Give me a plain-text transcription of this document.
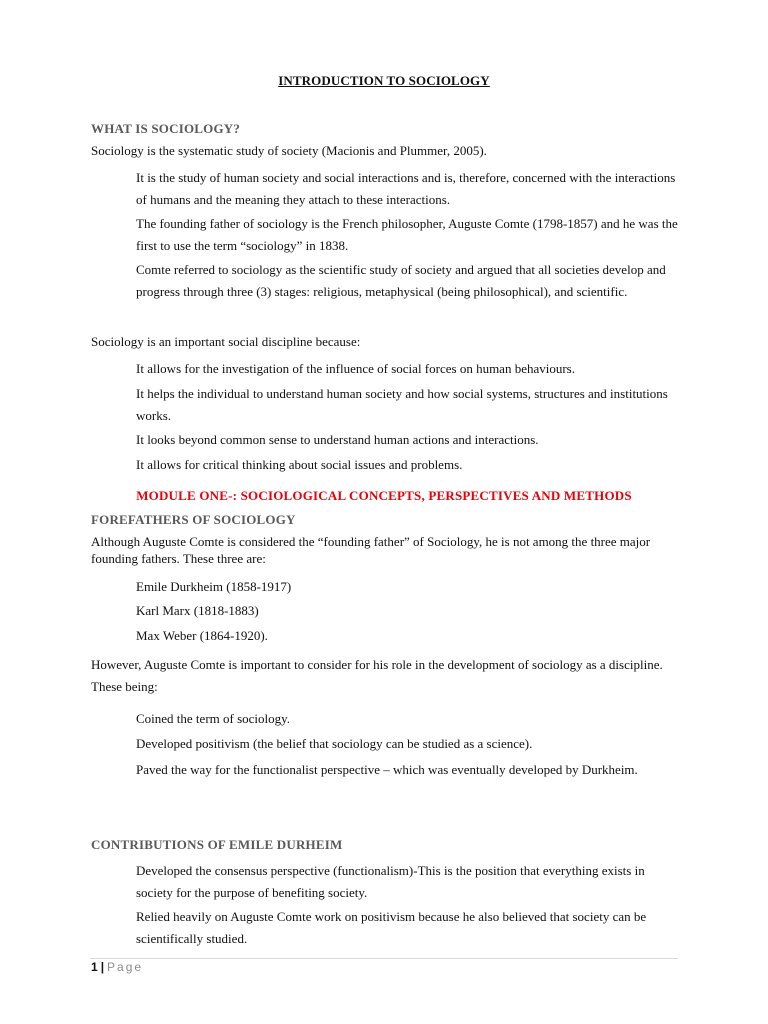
INTRODUCTION TO SOCIOLOGY
WHAT IS SOCIOLOGY?
Sociology is the systematic study of society (Macionis and Plummer, 2005).
It is the study of human society and social interactions and is, therefore, concerned with the interactions of humans and the meaning they attach to these interactions.
The founding father of sociology is the French philosopher, Auguste Comte (1798-1857) and he was the first to use the term “sociology” in 1838.
Comte referred to sociology as the scientific study of society and argued that all societies develop and progress through three (3) stages: religious, metaphysical (being philosophical), and scientific.
Sociology is an important social discipline because:
It allows for the investigation of the influence of social forces on human behaviours.
It helps the individual to understand human society and how social systems, structures and institutions works.
It looks beyond common sense to understand human actions and interactions.
It allows for critical thinking about social issues and problems.
MODULE ONE-: SOCIOLOGICAL CONCEPTS, PERSPECTIVES AND METHODS
FOREFATHERS OF SOCIOLOGY
Although Auguste Comte is considered the “founding father” of Sociology, he is not among the three major founding fathers. These three are:
Emile Durkheim (1858-1917)
Karl Marx (1818-1883)
Max Weber (1864-1920).
However, Auguste Comte is important to consider for his role in the development of sociology as a discipline. These being:
Coined the term of sociology.
Developed positivism (the belief that sociology can be studied as a science).
Paved the way for the functionalist perspective – which was eventually developed by Durkheim.
CONTRIBUTIONS OF EMILE DURHEIM
Developed the consensus perspective (functionalism)-This is the position that everything exists in society for the purpose of benefiting society.
Relied heavily on Auguste Comte work on positivism because he also believed that society can be scientifically studied.
1 | Page
